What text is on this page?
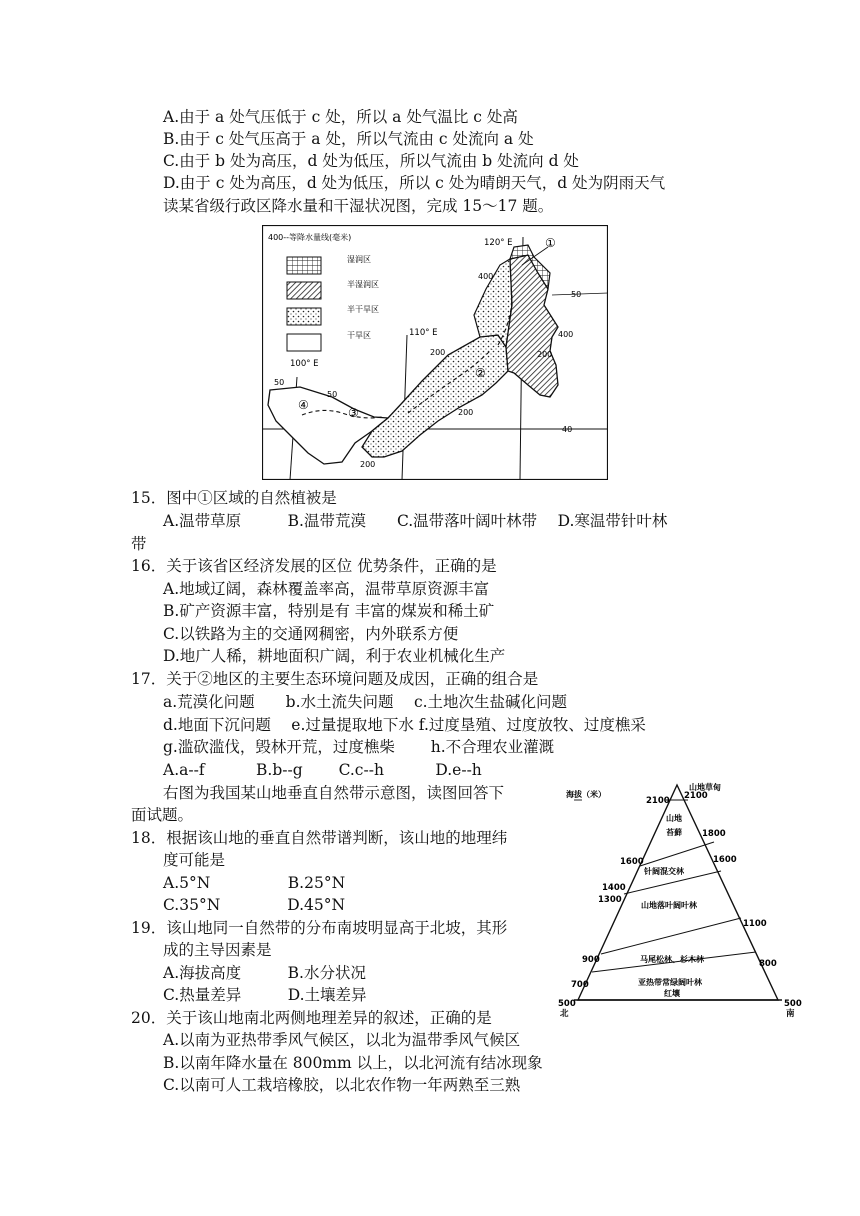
A.由于 a 处气压低于 c 处，所以 a 处气温比 c 处高
B.由于 c 处气压高于 a 处，所以气流由 c 处流向 a 处
C.由于 b 处为高压，d 处为低压，所以气流由 b 处流向 d 处
D.由于 c 处为高压，d 处为低压，所以 c 处为晴朗天气，d 处为阴雨天气
读某省级行政区降水量和干湿状况图，完成 15～17 题。
15．图中①区域的自然植被是
A.温带草原　　　B.温带荒漠　　C.温带落叶阔叶林带　 D.寒温带针叶林
带
16．关于该省区经济发展的区位 优势条件，正确的是
A.地域辽阔，森林覆盖率高，温带草原资源丰富
B.矿产资源丰富，特别是有 丰富的煤炭和稀土矿
C.以铁路为主的交通网稠密，内外联系方便
D.地广人稀，耕地面积广阔，利于农业机械化生产
17．关于②地区的主要生态环境问题及成因，正确的组合是
a.荒漠化问题　　b.水土流失问题　 c.土地次生盐碱化问题
d.地面下沉问题　 e.过量提取地下水 f.过度垦殖、过度放牧、过度樵采
g.滥砍滥伐，毁林开荒，过度樵柴　　 h.不合理农业灌溉
A.a--f　　　 B.b--g　　 C.c--h　　　 D.e--h
右图为我国某山地垂直自然带示意图，读图回答下
面试题。
18．根据该山地的垂直自然带谱判断，该山地的地理纬
度可能是
A.5°N　　　　　B.25°N
C.35°N　　　　 D.45°N
19．该山地同一自然带的分布南坡明显高于北坡，其形
成的主导因素是
A.海拔高度　　　B.水分状况
C.热量差异　　　D.土壤差异
20．关于该山地南北两侧地理差异的叙述，正确的是
A.以南为亚热带季风气候区，以北为温带季风气候区
B.以南年降水量在 800mm 以上，以北河流有结冰现象
C.以南可人工栽培橡胶，以北农作物一年两熟至三熟
400--等降水量线(毫米)
湿润区
半湿润区
半干旱区
干旱区
120° E
110° E
100° E
50
40
400
400
200	200
200
200
50
50
①
②
③
④
海拔（米）
山地草甸
山地
苔藓
针阔混交林
山地落叶阔叶林
马尾松林、杉木林
亚热带常绿阔叶林
红壤
2100 2100
1800
1600	1600
1400
1300
1100
900	800
700
500	500
北	南
